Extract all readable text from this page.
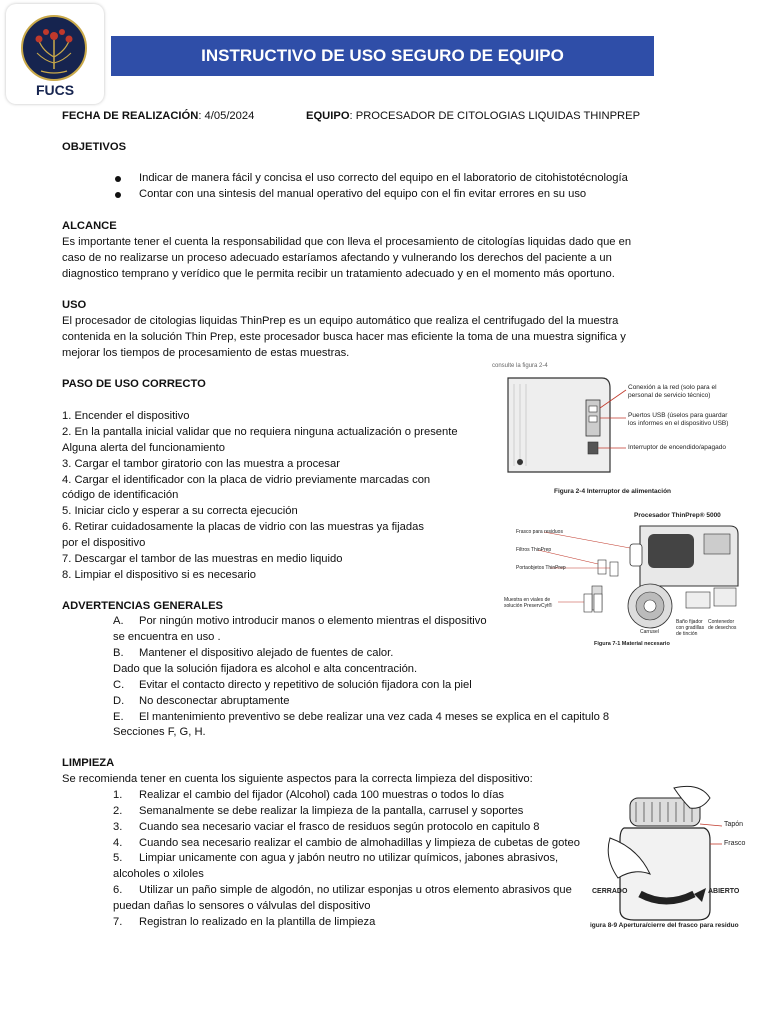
FUCS
INSTRUCTIVO DE USO SEGURO DE EQUIPO
FECHA DE REALIZACIÓN: 4/05/2024	EQUIPO: PROCESADOR DE CITOLOGIAS LIQUIDAS THINPREP
OBJETIVOS
Indicar de manera fácil y concisa el uso correcto del equipo en el laboratorio de citohistotécnología
Contar con una sintesis del manual operativo del equipo con el fin evitar errores en su uso
ALCANCE
Es importante tener el cuenta la responsabilidad que con lleva el procesamiento de citologías liquidas dado que en
caso de no realizarse un proceso adecuado estaríamos afectando y vulnerando los derechos del paciente a un
diagnostico temprano y verídico que le permita recibir un tratamiento adecuado y en el momento más oportuno.
USO
El procesador de citologias liquidas ThinPrep es un equipo automático que realiza el centrifugado del la muestra
contenida en la solución Thin Prep, este procesador busca hacer mas eficiente la toma de una muestra significa y
mejorar los tiempos de procesamiento de estas muestras.
PASO DE USO CORRECTO
1. Encender el dispositivo
2. En la pantalla inicial validar que no requiera ninguna actualización o presente
Alguna alerta del funcionamiento
3. Cargar el tambor giratorio con las muestra a procesar
4. Cargar el identificador con la placa de vidrio previamente marcadas con
código de identificación
5. Iniciar ciclo y esperar a su correcta ejecución
6. Retirar cuidadosamente la placas de vidrio con las muestras ya fijadas
por el dispositivo
7. Descargar el tambor de las muestras en medio liquido
8. Limpiar el dispositivo si es necesario
ADVERTENCIAS GENERALES
A. Por ningún motivo introducir manos o elemento mientras el dispositivo
se encuentra en uso .
B. Mantener el dispositivo alejado de fuentes de calor.
Dado que la solución fijadora es alcohol e alta concentración.
C. Evitar el contacto directo y repetitivo de solución fijadora con la piel
D. No desconectar abruptamente
E. El mantenimiento preventivo se debe realizar una vez cada 4 meses se explica en el capitulo 8
Secciones F, G, H.
LIMPIEZA
Se recomienda tener en cuenta los siguiente aspectos para la correcta limpieza del dispositivo:
1. Realizar el cambio del fijador (Alcohol) cada 100 muestras o todos lo días
2. Semanalmente se debe realizar la limpieza de la pantalla, carrusel y soportes
3. Cuando sea necesario vaciar el frasco de residuos según protocolo en capitulo 8
4. Cuando sea necesario realizar el cambio de almohadillas y limpieza de cubetas de goteo
5. Limpiar unicamente con agua y jabón neutro no utilizar químicos, jabones abrasivos,
alcoholes o xiloles
6. Utilizar un paño simple de algodón, no utilizar esponjas u otros elemento abrasivos que
puedan dañas lo sensores o válvulas del dispositivo
7. Registran lo realizado en la plantilla de limpieza
consulte la figura 2-4
Conexión a la red (solo para el
personal de servicio técnico)
Puertos USB (úselos para guardar
los informes en el dispositivo USB)
Interruptor de encendido/apagado
Figura 2-4 Interruptor de alimentación
Procesador ThinPrep® 5000
Frasco para residuos
Filtros ThinPrep
Portaobjetos ThinPrep
Muestra en viales de
solución PreservCyt®
Carrusel
Baño fijador
con gradillas
de tinción
Contenedor
de desechos
Figura 7-1 Material necesario
Tapón
Frasco
CERRADO	ABIERTO
igura 8-9 Apertura/cierre del frasco para residuo
